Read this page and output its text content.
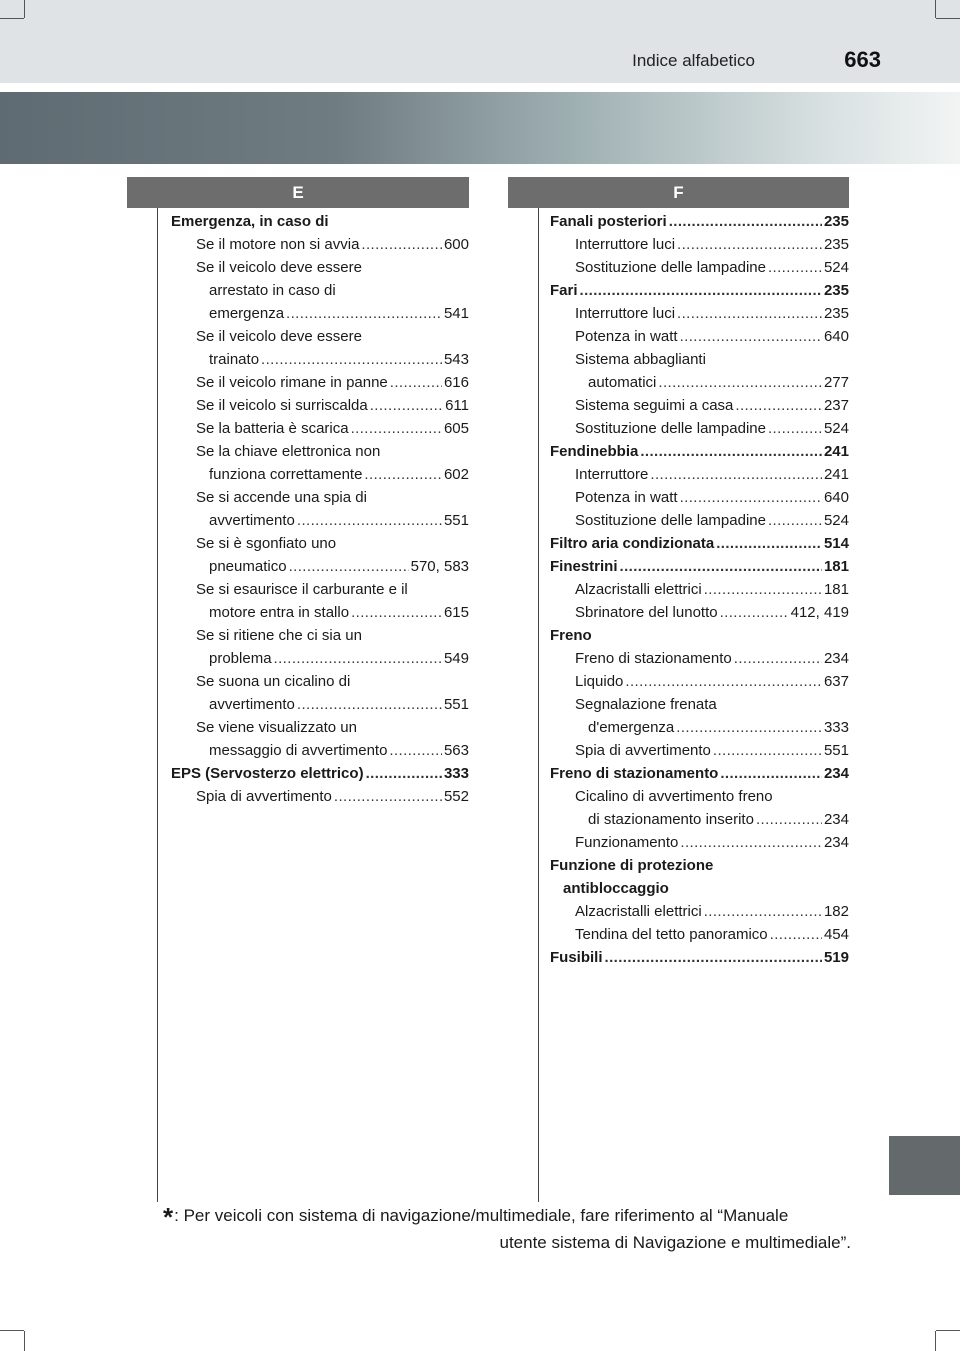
Indice alfabetico	663
E	F
Emergenza, in caso di
Se il motore non si avvia .....	600
Se il veicolo deve essere
arrestato in caso di
emergenza .....	541
Se il veicolo deve essere
trainato .....	543
Se il veicolo rimane in panne .....	616
Se il veicolo si surriscalda .....	611
Se la batteria è scarica .....	605
Se la chiave elettronica non
funziona correttamente .....	602
Se si accende una spia di
avvertimento .....	551
Se si è sgonfiato uno
pneumatico .....	570, 583
Se si esaurisce il carburante e il
motore entra in stallo .....	615
Se si ritiene che ci sia un
problema .....	549
Se suona un cicalino di
avvertimento .....	551
Se viene visualizzato un
messaggio di avvertimento .....	563
EPS (Servosterzo elettrico) .....	333
Spia di avvertimento .....	552
Fanali posteriori .....	235
Interruttore luci .....	235
Sostituzione delle lampadine .....	524
Fari .....	235
Interruttore luci .....	235
Potenza in watt .....	640
Sistema abbaglianti
automatici .....	277
Sistema seguimi a casa .....	237
Sostituzione delle lampadine .....	524
Fendinebbia .....	241
Interruttore .....	241
Potenza in watt .....	640
Sostituzione delle lampadine .....	524
Filtro aria condizionata .....	514
Finestrini .....	181
Alzacristalli elettrici .....	181
Sbrinatore del lunotto .....	412, 419
Freno
Freno di stazionamento .....	234
Liquido .....	637
Segnalazione frenata
d'emergenza .....	333
Spia di avvertimento .....	551
Freno di stazionamento .....	234
Cicalino di avvertimento freno
di stazionamento inserito .....	234
Funzionamento .....	234
Funzione di protezione
antibloccaggio
Alzacristalli elettrici .....	182
Tendina del tetto panoramico .....	454
Fusibili .....	519
*: Per veicoli con sistema di navigazione/multimediale, fare riferimento al “Manuale
utente sistema di Navigazione e multimediale”.
